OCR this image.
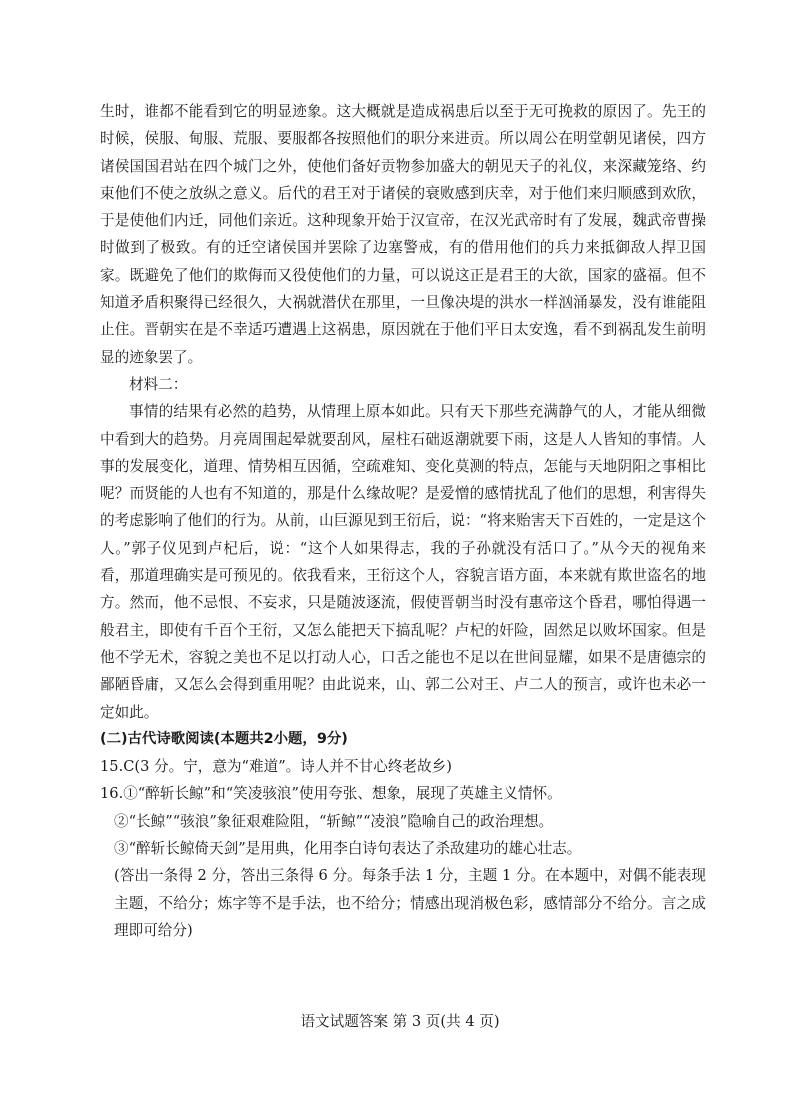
生时，谁都不能看到它的明显迹象。这大概就是造成祸患后以至于无可挽救的原因了。先王的时候，侯服、甸服、荒服、要服都各按照他们的职分来进贡。所以周公在明堂朝见诸侯，四方诸侯国国君站在四个城门之外，使他们备好贡物参加盛大的朝见天子的礼仪，来深藏笼络、约束他们不使之放纵之意义。后代的君王对于诸侯的衰败感到庆幸，对于他们来归顺感到欢欣，于是使他们内迁，同他们亲近。这种现象开始于汉宣帝，在汉光武帝时有了发展，魏武帝曹操时做到了极致。有的迁空诸侯国并罢除了边塞警戒，有的借用他们的兵力来抵御敌人捍卫国家。既避免了他们的欺侮而又役使他们的力量，可以说这正是君王的大欲，国家的盛福。但不知道矛盾积聚得已经很久，大祸就潜伏在那里，一旦像决堤的洪水一样汹涌暴发，没有谁能阻止住。晋朝实在是不幸适巧遭遇上这祸患，原因就在于他们平日太安逸，看不到祸乱发生前明显的迹象罢了。

材料二：

事情的结果有必然的趋势，从情理上原本如此。只有天下那些充满静气的人，才能从细微中看到大的趋势。月亮周围起晕就要刮风，屋柱石础返潮就要下雨，这是人人皆知的事情。人事的发展变化，道理、情势相互因循，空疏难知、变化莫测的特点，怎能与天地阴阳之事相比呢？而贤能的人也有不知道的，那是什么缘故呢？是爱憎的感情扰乱了他们的思想，利害得失的考虑影响了他们的行为。从前，山巨源见到王衍后，说：“将来贻害天下百姓的，一定是这个人。”郭子仪见到卢杞后，说：“这个人如果得志，我的子孙就没有活口了。”从今天的视角来看，那道理确实是可预见的。依我看来，王衍这个人，容貌言语方面，本来就有欺世盗名的地方。然而，他不忌恨、不妄求，只是随波逐流，假使晋朝当时没有惠帝这个昏君，哪怕得遇一般君主，即使有千百个王衍，又怎么能把天下搞乱呢？卢杞的奸险，固然足以败坏国家。但是他不学无术，容貌之美也不足以打动人心，口舌之能也不足以在世间显耀，如果不是唐德宗的鄙陋昏庸，又怎么会得到重用呢？由此说来，山、郭二公对王、卢二人的预言，或许也未必一定如此。

(二)古代诗歌阅读(本题共2小题，9分)

15.C(3 分。宁，意为“难道”。诗人并不甘心终老故乡)

16.①“醉斩长鲸”和“笑凌骇浪”使用夸张、想象，展现了英雄主义情怀。

②“长鲸”“骇浪”象征艰难险阻，“斩鲸”“凌浪”隐喻自己的政治理想。

③“醉斩长鲸倚天剑”是用典，化用李白诗句表达了杀敌建功的雄心壮志。

(答出一条得 2 分，答出三条得 6 分。每条手法 1 分，主题 1 分。在本题中，对偶不能表现主题，不给分；炼字等不是手法，也不给分；情感出现消极色彩，感情部分不给分。言之成理即可给分)

语文试题答案 第 3 页(共 4 页)
